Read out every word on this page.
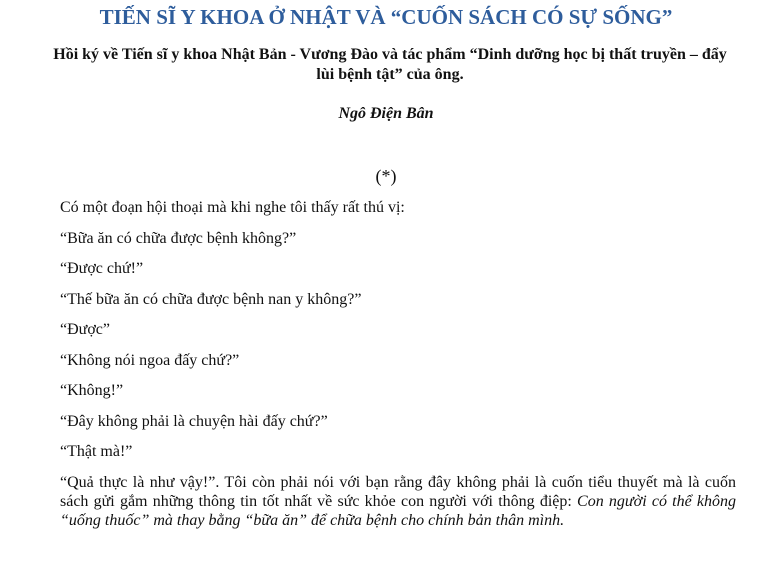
TIẾN SĨ Y KHOA Ở NHẬT VÀ “CUỐN SÁCH CÓ SỰ SỐNG”
Hồi ký về Tiến sĩ y khoa Nhật Bản - Vương Đào và tác phẩm “Dinh dưỡng học bị thất truyền – đẩy lùi bệnh tật” của ông.
Ngô Điện Bân
(*)
Có một đoạn hội thoại mà khi nghe tôi thấy rất thú vị:
“Bữa ăn có chữa được bệnh không?”
“Được chứ!”
“Thế bữa ăn có chữa được bệnh nan y không?”
“Được”
“Không nói ngoa đấy chứ?”
“Không!”
“Đây không phải là chuyện hài đấy chứ?”
“Thật mà!”

“Quả thực là như vậy!”. Tôi còn phải nói với bạn rằng đây không phải là cuốn tiểu thuyết mà là cuốn sách gửi gắm những thông tin tốt nhất về sức khỏe con người với thông điệp: Con người có thể không “uống thuốc” mà thay bằng “bữa ăn” để chữa bệnh cho chính bản thân mình.
